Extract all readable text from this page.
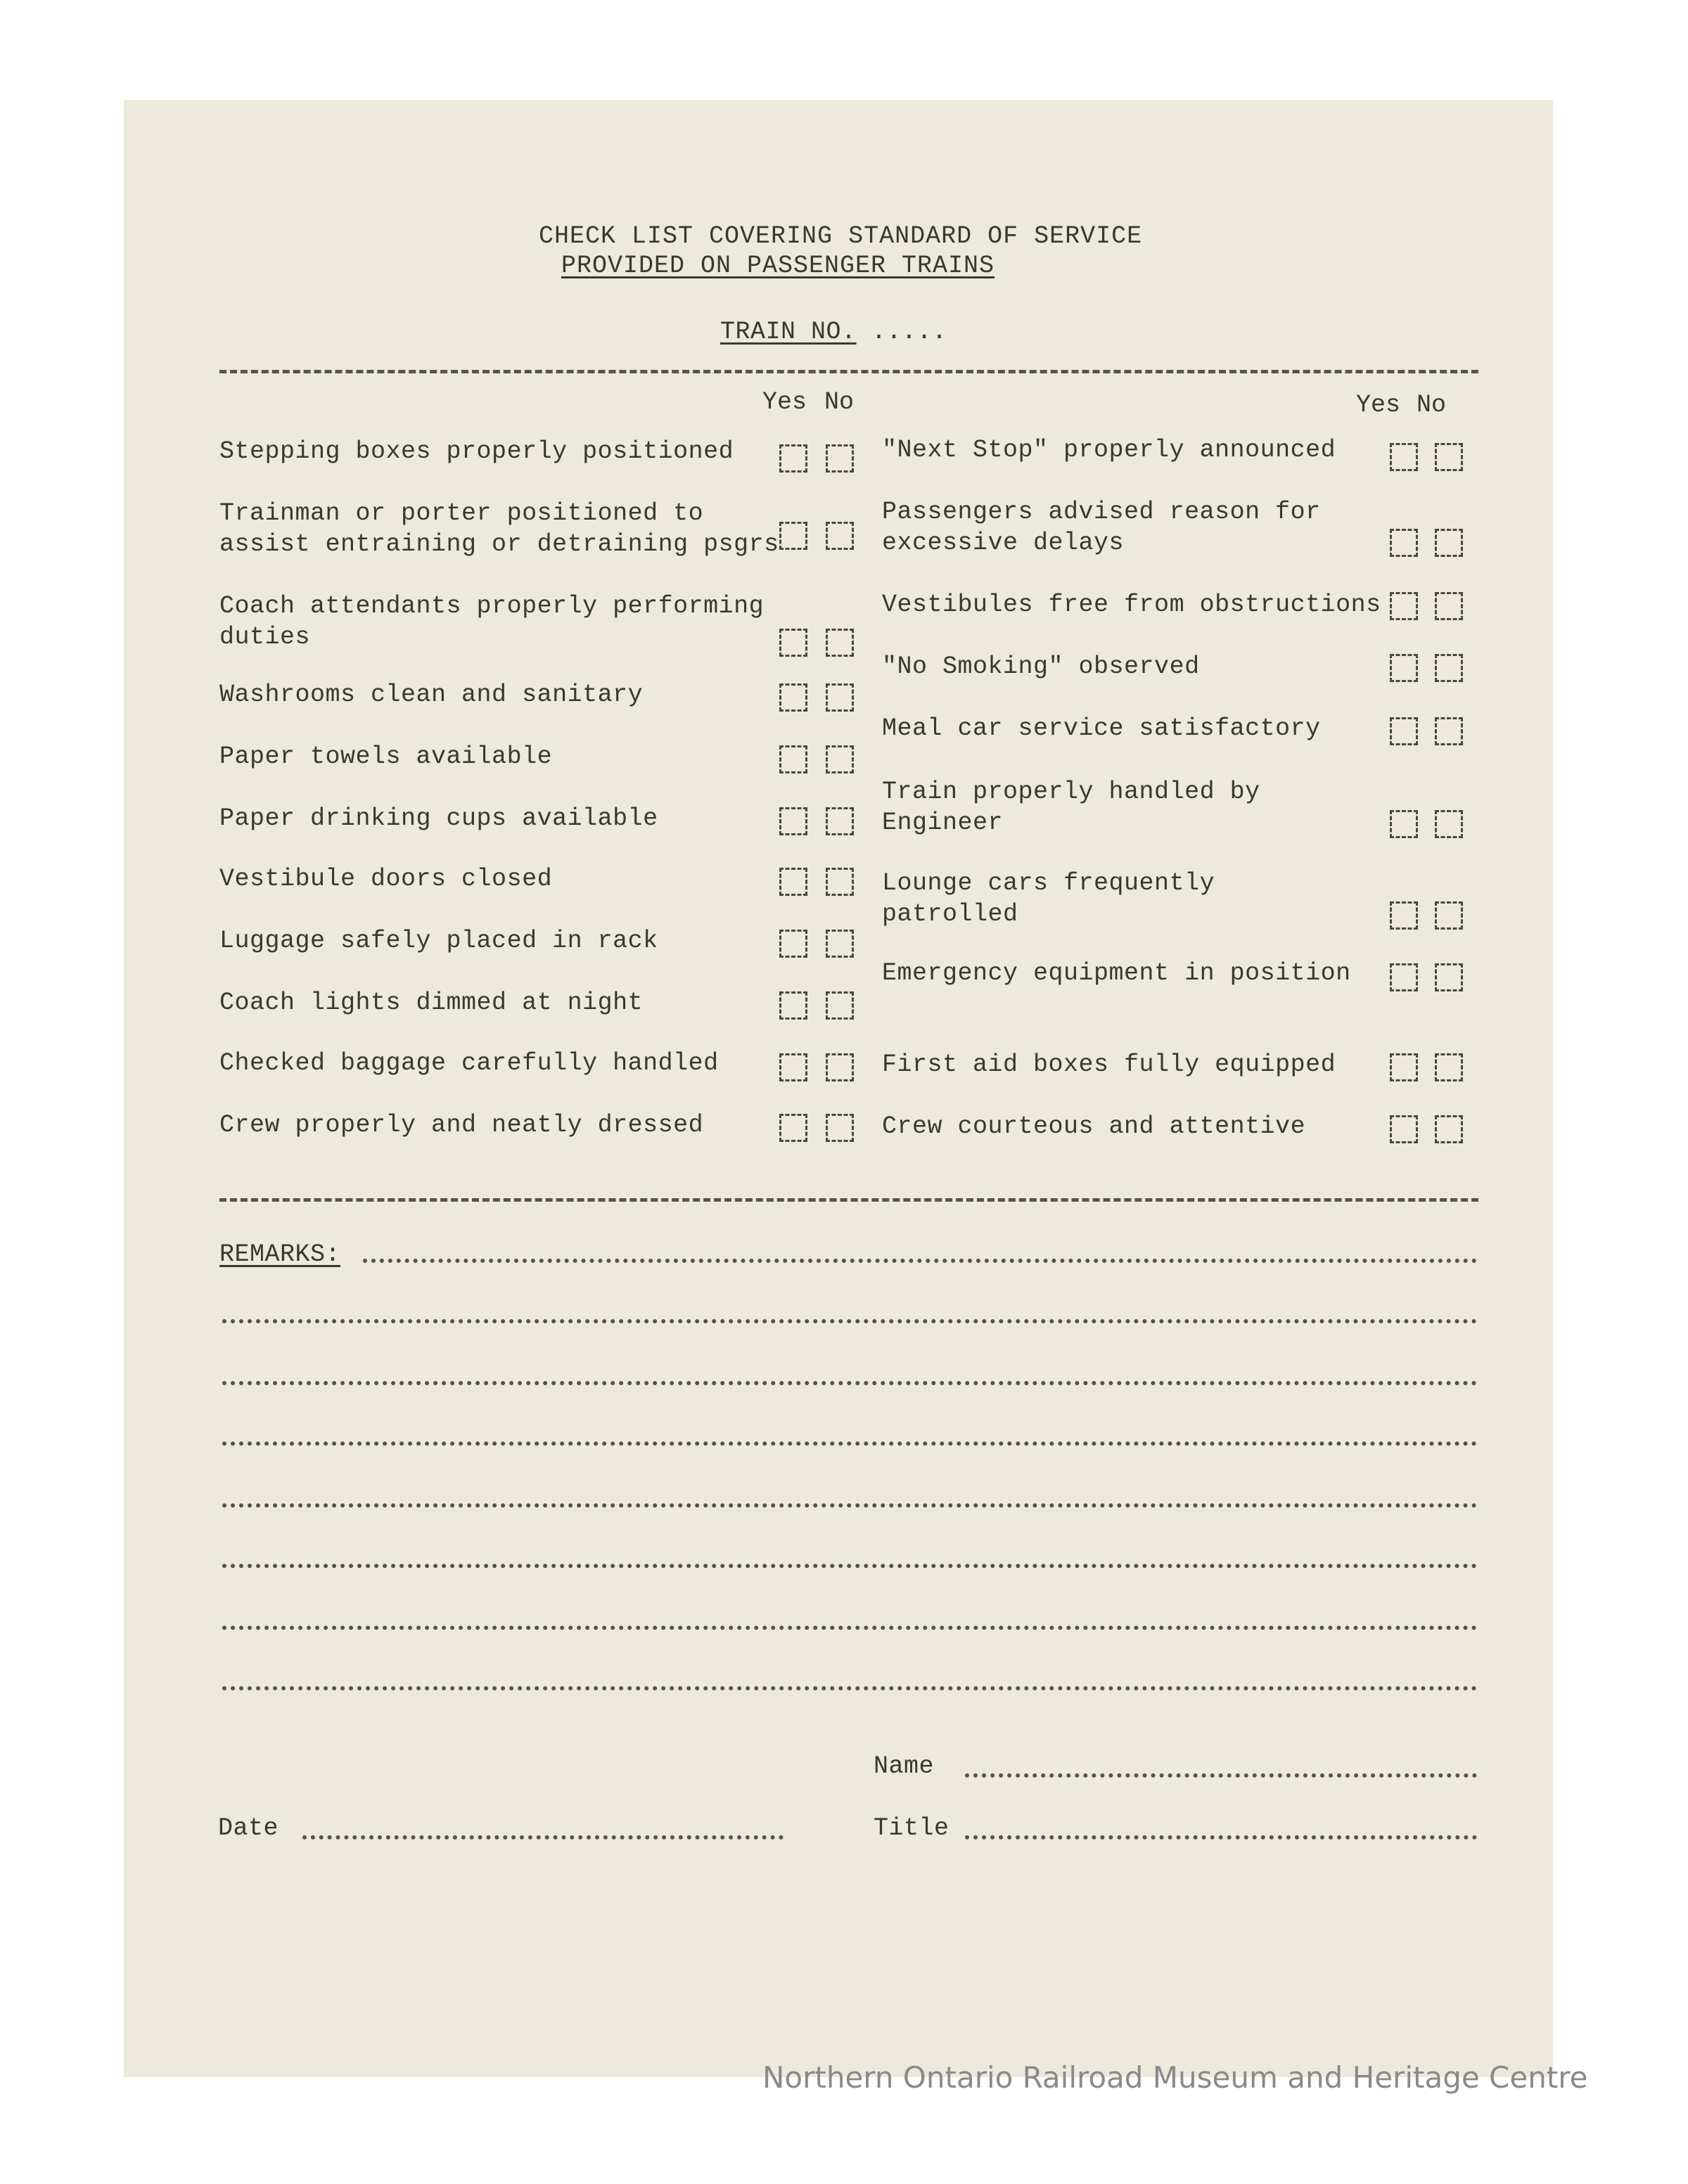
CHECK LIST COVERING STANDARD OF SERVICE
PROVIDED ON PASSENGER TRAINS
TRAIN NO. .....
Yes No	Yes No
REMARKS:
Name
Title
Date
Stepping boxes properly positioned
Trainman or porter positioned to
assist entraining or detraining psgrs
Coach attendants properly performing
duties
Washrooms clean and sanitary
Paper towels available
Paper drinking cups available
Vestibule doors closed
Luggage safely placed in rack
Coach lights dimmed at night
Checked baggage carefully handled
Crew properly and neatly dressed
"Next Stop" properly announced
Passengers advised reason for
excessive delays
Vestibules free from obstructions
"No Smoking" observed
Meal car service satisfactory
Train properly handled by
Engineer
Lounge cars frequently
patrolled
Emergency equipment in position
First aid boxes fully equipped
Crew courteous and attentive
Northern Ontario Railroad Museum and Heritage Centre
